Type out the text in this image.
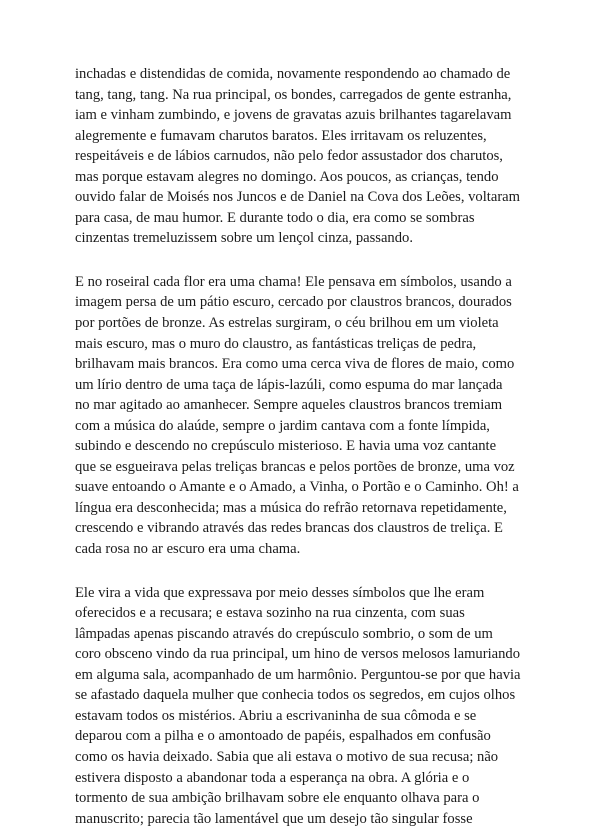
inchadas e distendidas de comida, novamente respondendo ao chamado de
tang, tang, tang. Na rua principal, os bondes, carregados de gente estranha,
iam e vinham zumbindo, e jovens de gravatas azuis brilhantes tagarelavam
alegremente e fumavam charutos baratos. Eles irritavam os reluzentes,
respeitáveis e de lábios carnudos, não pelo fedor assustador dos charutos,
mas porque estavam alegres no domingo. Aos poucos, as crianças, tendo
ouvido falar de Moisés nos Juncos e de Daniel na Cova dos Leões, voltaram
para casa, de mau humor. E durante todo o dia, era como se sombras
cinzentas tremeluzissem sobre um lençol cinza, passando.

E no roseiral cada flor era uma chama! Ele pensava em símbolos, usando a
imagem persa de um pátio escuro, cercado por claustros brancos, dourados
por portões de bronze. As estrelas surgiram, o céu brilhou em um violeta
mais escuro, mas o muro do claustro, as fantásticas treliças de pedra,
brilhavam mais brancos. Era como uma cerca viva de flores de maio, como
um lírio dentro de uma taça de lápis-lazúli, como espuma do mar lançada
no mar agitado ao amanhecer. Sempre aqueles claustros brancos tremiam
com a música do alaúde, sempre o jardim cantava com a fonte límpida,
subindo e descendo no crepúsculo misterioso. E havia uma voz cantante
que se esgueirava pelas treliças brancas e pelos portões de bronze, uma voz
suave entoando o Amante e o Amado, a Vinha, o Portão e o Caminho. Oh! a
língua era desconhecida; mas a música do refrão retornava repetidamente,
crescendo e vibrando através das redes brancas dos claustros de treliça. E
cada rosa no ar escuro era uma chama.

Ele vira a vida que expressava por meio desses símbolos que lhe eram
oferecidos e a recusara; e estava sozinho na rua cinzenta, com suas
lâmpadas apenas piscando através do crepúsculo sombrio, o som de um
coro obsceno vindo da rua principal, um hino de versos melosos lamuriando
em alguma sala, acompanhado de um harmônio. Perguntou-se por que havia
se afastado daquela mulher que conhecia todos os segredos, em cujos olhos
estavam todos os mistérios. Abriu a escrivaninha de sua cômoda e se
deparou com a pilha e o amontoado de papéis, espalhados em confusão
como os havia deixado. Sabia que ali estava o motivo de sua recusa; não
estivera disposto a abandonar toda a esperança na obra. A glória e o
tormento de sua ambição brilhavam sobre ele enquanto olhava para o
manuscrito; parecia tão lamentável que um desejo tão singular fosse
